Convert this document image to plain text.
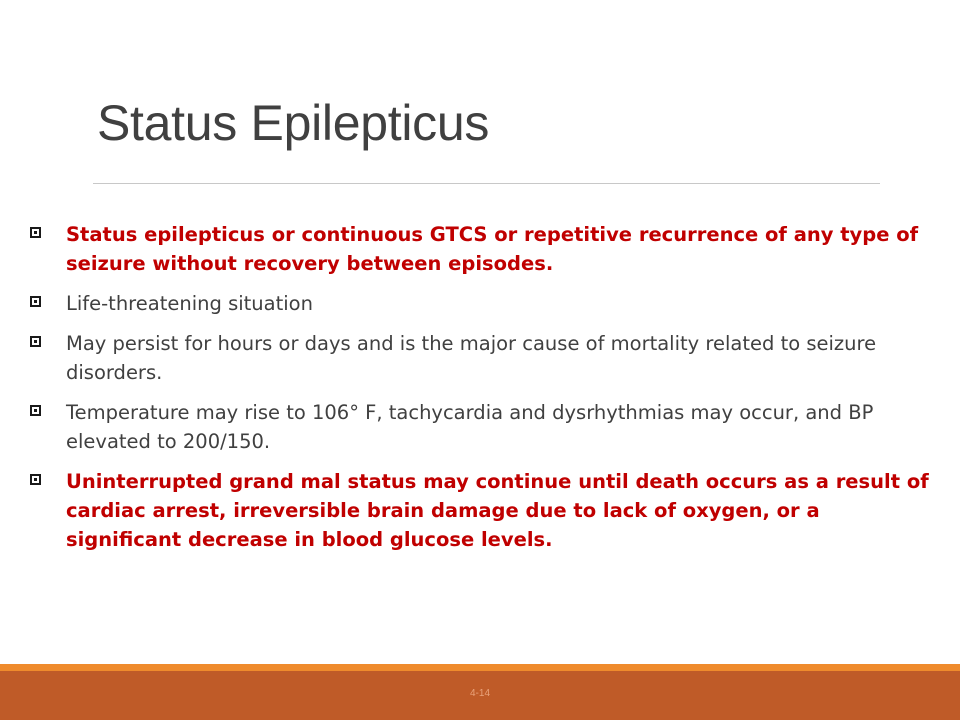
Status Epilepticus
Status epilepticus or continuous GTCS or repetitive recurrence of any type of seizure without recovery between episodes.
Life-threatening situation
May persist for hours or days and is the major cause of mortality related to seizure disorders.
Temperature may rise to 106° F, tachycardia and dysrhythmias may occur, and BP elevated to 200/150.
Uninterrupted grand mal status may continue until death occurs as a result of cardiac arrest, irreversible brain damage due to lack of oxygen, or a significant decrease in blood glucose levels.
4-14
